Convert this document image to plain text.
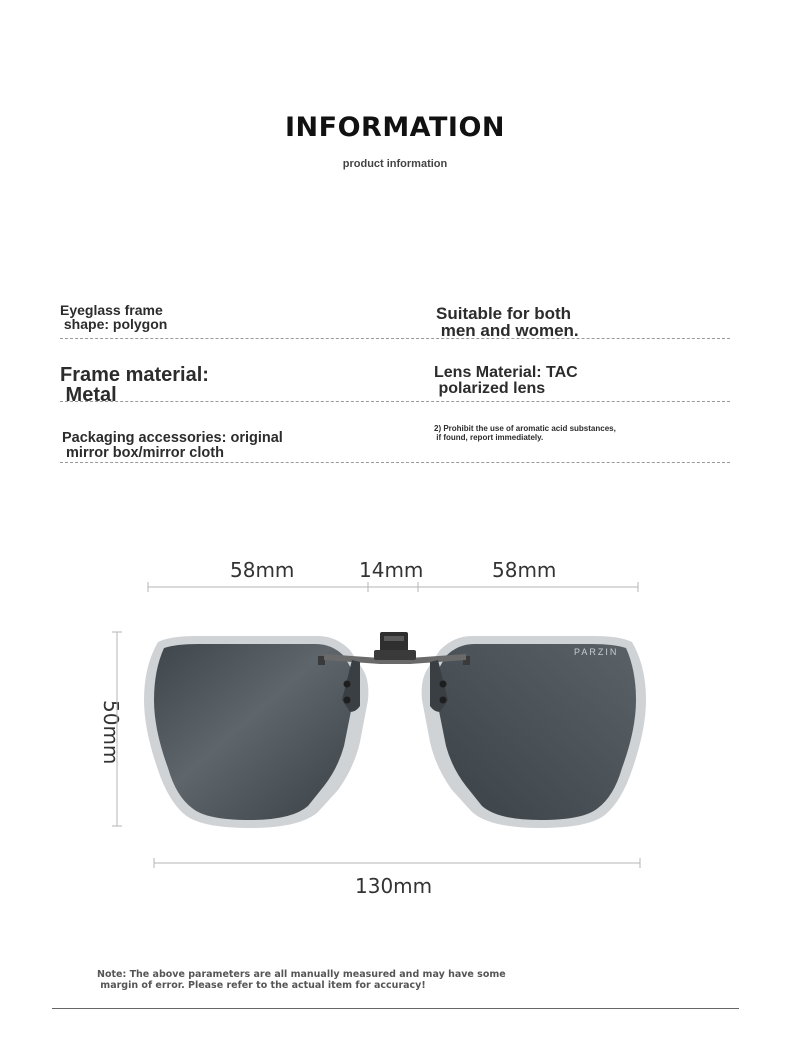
INFORMATION
product information
Eyeglass frame
shape: polygon
Suitable for both
men and women.
Frame material:
Metal
Lens Material: TAC
polarized lens
Packaging accessories: original
mirror box/mirror cloth
2) Prohibit the use of aromatic acid substances,
if found, report immediately.
58mm	14mm	58mm
50mm
130mm
PARZIN
Note: The above parameters are all manually measured and may have some
margin of error. Please refer to the actual item for accuracy!
